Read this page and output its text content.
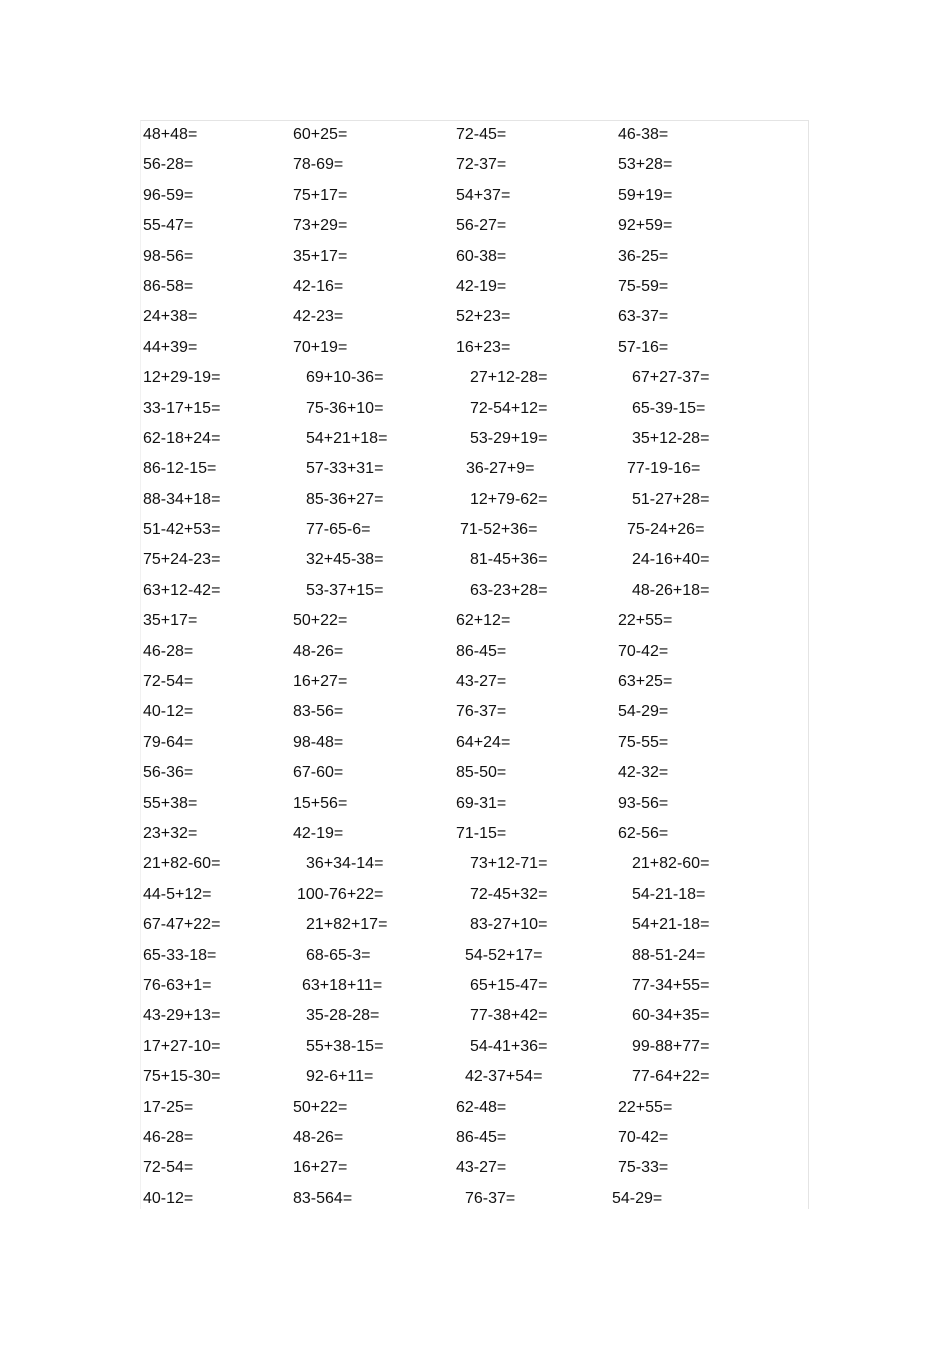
48+48=	60+25=	72-45=	46-38=
56-28=	78-69=	72-37=	53+28=
96-59=	75+17=	54+37=	59+19=
55-47=	73+29=	56-27=	92+59=
98-56=	35+17=	60-38=	36-25=
86-58=	42-16=	42-19=	75-59=
24+38=	42-23=	52+23=	63-37=
44+39=	70+19=	16+23=	57-16=
12+29-19=	69+10-36=	27+12-28=	67+27-37=
33-17+15=	75-36+10=	72-54+12=	65-39-15=
62-18+24=	54+21+18=	53-29+19=	35+12-28=
86-12-15=	57-33+31=	36-27+9=	77-19-16=
88-34+18=	85-36+27=	12+79-62=	51-27+28=
51-42+53=	77-65-6=	71-52+36=	75-24+26=
75+24-23=	32+45-38=	81-45+36=	24-16+40=
63+12-42=	53-37+15=	63-23+28=	48-26+18=
35+17=	50+22=	62+12=	22+55=
46-28=	48-26=	86-45=	70-42=
72-54=	16+27=	43-27=	63+25=
40-12=	83-56=	76-37=	54-29=
79-64=	98-48=	64+24=	75-55=
56-36=	67-60=	85-50=	42-32=
55+38=	15+56=	69-31=	93-56=
23+32=	42-19=	71-15=	62-56=
21+82-60=	36+34-14=	73+12-71=	21+82-60=
44-5+12=	100-76+22=	72-45+32=	54-21-18=
67-47+22=	21+82+17=	83-27+10=	54+21-18=
65-33-18=	68-65-3=	54-52+17=	88-51-24=
76-63+1=	63+18+11=	65+15-47=	77-34+55=
43-29+13=	35-28-28=	77-38+42=	60-34+35=
17+27-10=	55+38-15=	54-41+36=	99-88+77=
75+15-30=	92-6+11=	42-37+54=	77-64+22=
17-25=	50+22=	62-48=	22+55=
46-28=	48-26=	86-45=	70-42=
72-54=	16+27=	43-27=	75-33=
40-12=	83-564=	76-37=	54-29=
